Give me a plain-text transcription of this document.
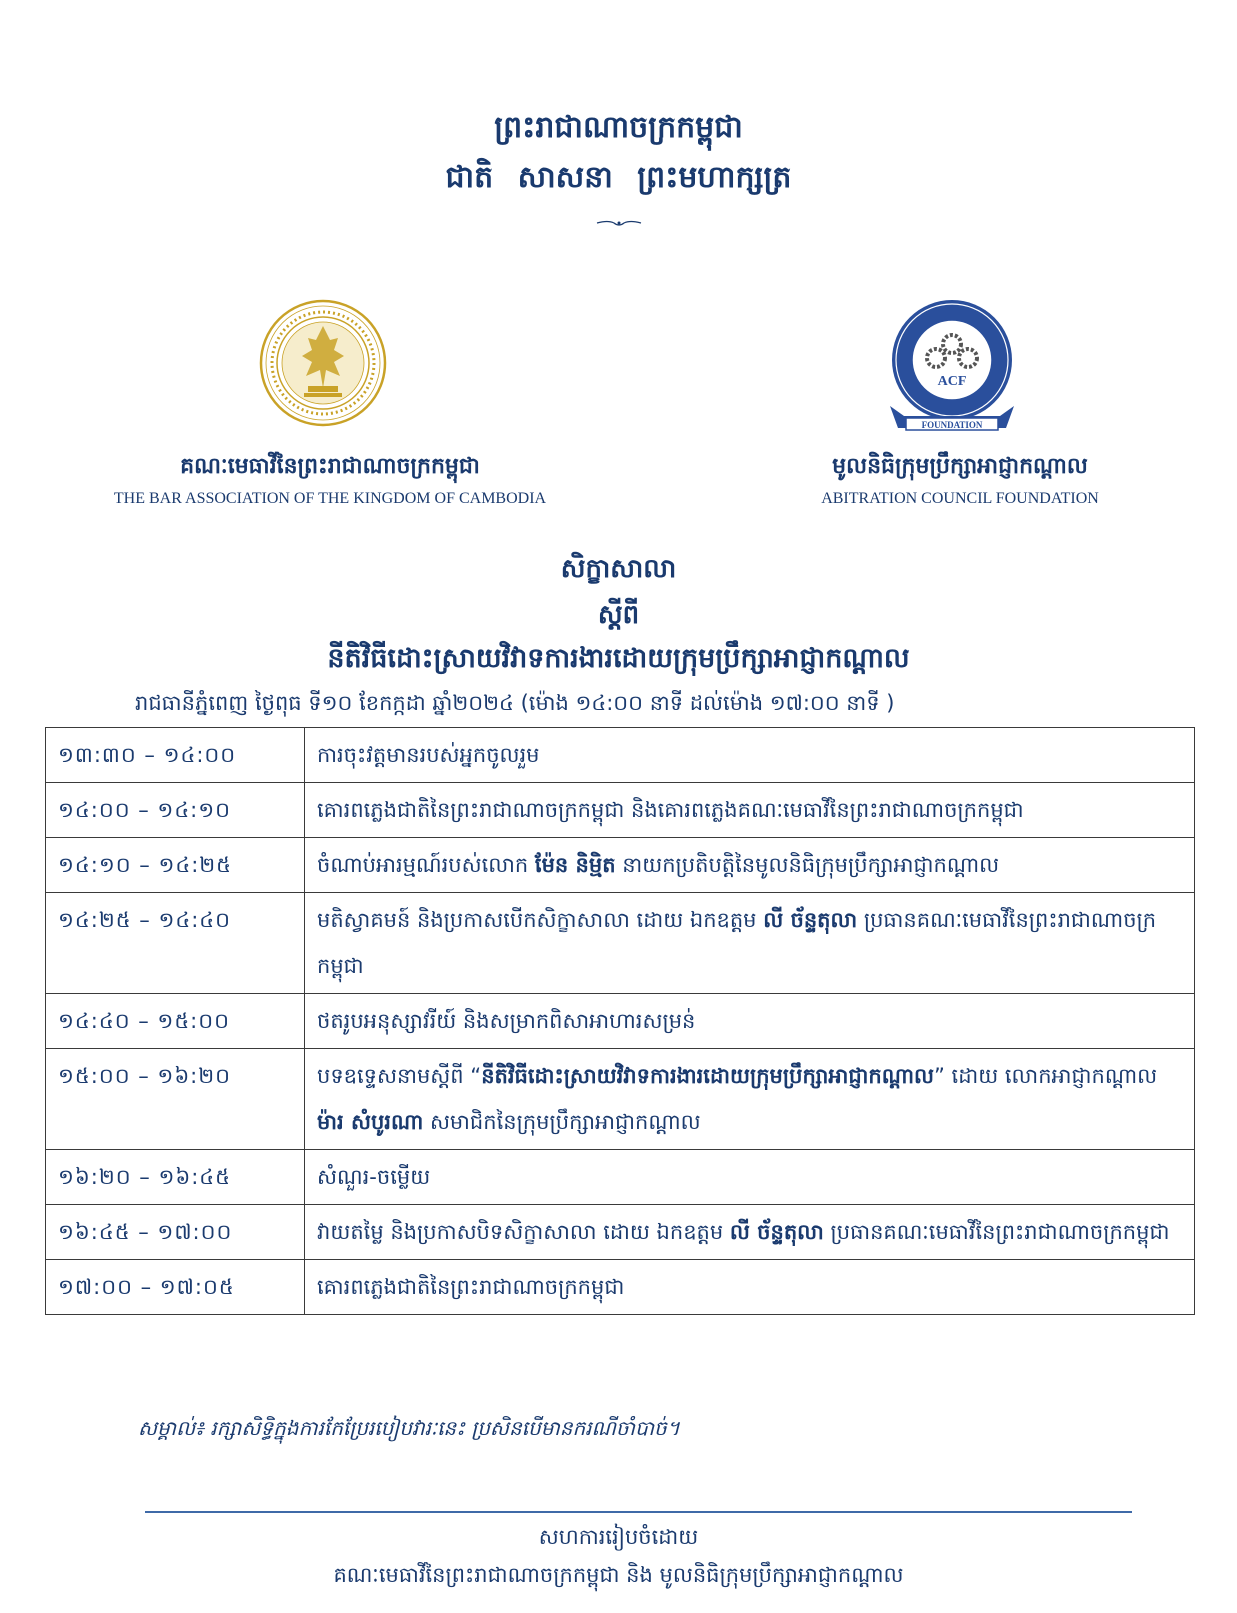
ព្រះរាជាណាចក្រកម្ពុជា
ជាតិ សាសនា ព្រះមហាក្សត្រ
ACF
FOUNDATION
គណៈមេធាវីនៃព្រះរាជាណាចក្រកម្ពុជា
THE BAR ASSOCIATION OF THE KINGDOM OF CAMBODIA
មូលនិធិក្រុមប្រឹក្សាអាជ្ញាកណ្តាល
ABITRATION COUNCIL FOUNDATION
សិក្ខាសាលា
ស្តីពី
នីតិវិធីដោះស្រាយវិវាទការងារដោយក្រុមប្រឹក្សាអាជ្ញាកណ្តាល
រាជធានីភ្នំពេញ ថ្ងៃពុធ ទី១០ ខែកក្កដា ឆ្នាំ២០២៤ (ម៉ោង ១៤:០០ នាទី ដល់ម៉ោង ១៧:០០ នាទី )
១៣:៣០ – ១៤:០០	ការចុះវត្តមានរបស់អ្នកចូលរួម
១៤:០០ – ១៤:១០	គោរពភ្លេងជាតិនៃព្រះរាជាណាចក្រកម្ពុជា និងគោរពភ្លេងគណៈមេធាវីនៃព្រះរាជាណាចក្រកម្ពុជា
១៤:១០ – ១៤:២៥	ចំណាប់អារម្មណ៍របស់លោក ម៉ែន និម្មិត នាយកប្រតិបត្តិនៃមូលនិធិក្រុមប្រឹក្សាអាជ្ញាកណ្តាល
១៤:២៥ – ១៤:៤០	មតិស្វាគមន៍ និងប្រកាសបើកសិក្ខាសាលា ដោយ ឯកឧត្តម លី ច័ន្ទតុលា ប្រធានគណៈមេធាវីនៃព្រះរាជាណាចក្រកម្ពុជា
១៤:៤០ – ១៥:០០	ថតរូបអនុស្សាវរីយ៍ និងសម្រាកពិសាអាហារសម្រន់
១៥:០០ – ១៦:២០	បទឧទ្ទេសនាមស្តីពី “នីតិវិធីដោះស្រាយវិវាទការងារដោយក្រុមប្រឹក្សាអាជ្ញាកណ្តាល” ដោយ លោកអាជ្ញាកណ្តាល ម៉ារ សំបូរណា សមាជិកនៃក្រុមប្រឹក្សាអាជ្ញាកណ្តាល
១៦:២០ – ១៦:៤៥	សំណួរ-ចម្លើយ
១៦:៤៥ – ១៧:០០	វាយតម្លៃ និងប្រកាសបិទសិក្ខាសាលា ដោយ ឯកឧត្តម លី ច័ន្ទតុលា ប្រធានគណៈមេធាវីនៃព្រះរាជាណាចក្រកម្ពុជា
១៧:០០ – ១៧:០៥	គោរពភ្លេងជាតិនៃព្រះរាជាណាចក្រកម្ពុជា
សម្គាល់៖ រក្សាសិទ្ធិក្នុងការកែប្រែរបៀបវារៈនេះ ប្រសិនបើមានករណីចាំបាច់។
សហការរៀបចំដោយ
គណៈមេធាវីនៃព្រះរាជាណាចក្រកម្ពុជា និង មូលនិធិក្រុមប្រឹក្សាអាជ្ញាកណ្តាល
